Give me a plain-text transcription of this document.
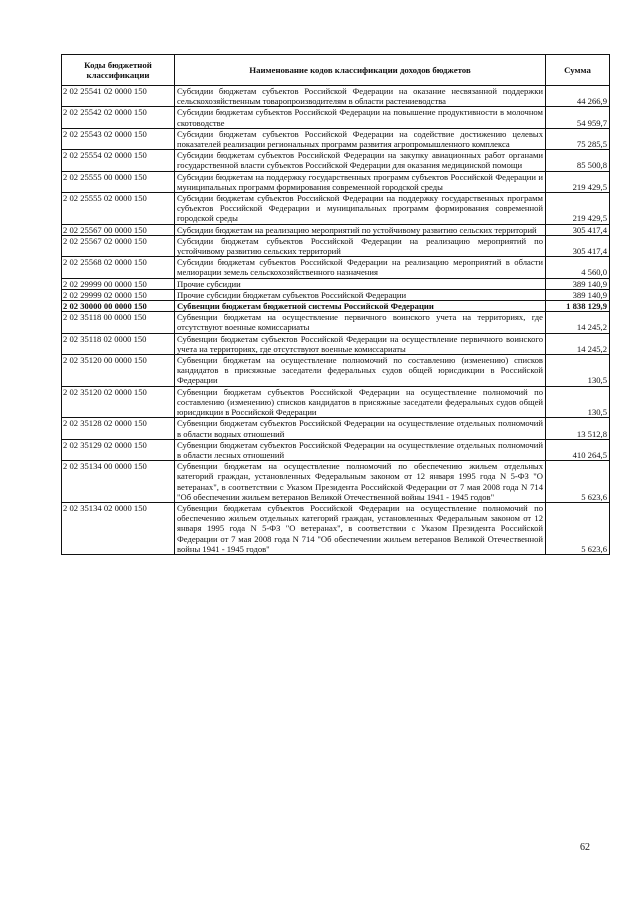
Коды бюджетной классификации	Наименование кодов классификации доходов бюджетов	Сумма
2 02 25541 02 0000 150	Субсидии бюджетам субъектов Российской Федерации на оказание несвязанной поддержки сельскохозяйственным товаропроизводителям в области растениеводства	44 266,9
2 02 25542 02 0000 150	Субсидии бюджетам субъектов Российской Федерации на повышение продуктивности в молочном скотоводстве	54 959,7
2 02 25543 02 0000 150	Субсидии бюджетам субъектов Российской Федерации на содействие достижению целевых показателей реализации региональных программ развития агропромышленного комплекса	75 285,5
2 02 25554 02 0000 150	Субсидии бюджетам субъектов Российской Федерации на закупку авиационных работ органами государственной власти субъектов Российской Федерации для оказания медицинской помощи	85 500,8
2 02 25555 00 0000 150	Субсидии бюджетам на поддержку государственных программ субъектов Российской Федерации и муниципальных программ формирования современной городской среды	219 429,5
2 02 25555 02 0000 150	Субсидии бюджетам субъектов Российской Федерации на поддержку государственных программ субъектов Российской Федерации и муниципальных программ формирования современной городской среды	219 429,5
2 02 25567 00 0000 150	Субсидии бюджетам на реализацию мероприятий по устойчивому развитию сельских территорий	305 417,4
2 02 25567 02 0000 150	Субсидии бюджетам субъектов Российской Федерации на реализацию мероприятий по устойчивому развитию сельских территорий	305 417,4
2 02 25568 02 0000 150	Субсидии бюджетам субъектов Российской Федерации на реализацию мероприятий в области мелиорации земель сельскохозяйственного назначения	4 560,0
2 02 29999 00 0000 150	Прочие субсидии	389 140,9
2 02 29999 02 0000 150	Прочие субсидии бюджетам субъектов Российской Федерации	389 140,9
2 02 30000 00 0000 150	Субвенции бюджетам бюджетной системы Российской Федерации	1 838 129,9
2 02 35118 00 0000 150	Субвенции бюджетам на осуществление первичного воинского учета на территориях, где отсутствуют военные комиссариаты	14 245,2
2 02 35118 02 0000 150	Субвенции бюджетам субъектов Российской Федерации на осуществление первичного воинского учета на территориях, где отсутствуют военные комиссариаты	14 245,2
2 02 35120 00 0000 150	Субвенции бюджетам на осуществление полномочий по составлению (изменению) списков кандидатов в присяжные заседатели федеральных судов общей юрисдикции в Российской Федерации	130,5
2 02 35120 02 0000 150	Субвенции бюджетам субъектов Российской Федерации на осуществление полномочий по составлению (изменению) списков кандидатов в присяжные заседатели федеральных судов общей юрисдикции в Российской Федерации	130,5
2 02 35128 02 0000 150	Субвенции бюджетам субъектов Российской Федерации на осуществление отдельных полномочий в области водных отношений	13 512,8
2 02 35129 02 0000 150	Субвенции бюджетам субъектов Российской Федерации на осуществление отдельных полномочий в области лесных отношений	410 264,5
2 02 35134 00 0000 150	Субвенции бюджетам на осуществление полномочий по обеспечению жильем отдельных категорий граждан, установленных Федеральным законом от 12 января 1995 года N 5-ФЗ "О ветеранах", в соответствии с Указом Президента Российской Федерации от 7 мая 2008 года N 714 "Об обеспечении жильем ветеранов Великой Отечественной войны 1941 - 1945 годов"	5 623,6
2 02 35134 02 0000 150	Субвенции бюджетам субъектов Российской Федерации на осуществление полномочий по обеспечению жильем отдельных категорий граждан, установленных Федеральным законом от 12 января 1995 года N 5-ФЗ "О ветеранах", в соответствии с Указом Президента Российской Федерации от 7 мая 2008 года N 714 "Об обеспечении жильем ветеранов Великой Отечественной войны 1941 - 1945 годов"	5 623,6
62
